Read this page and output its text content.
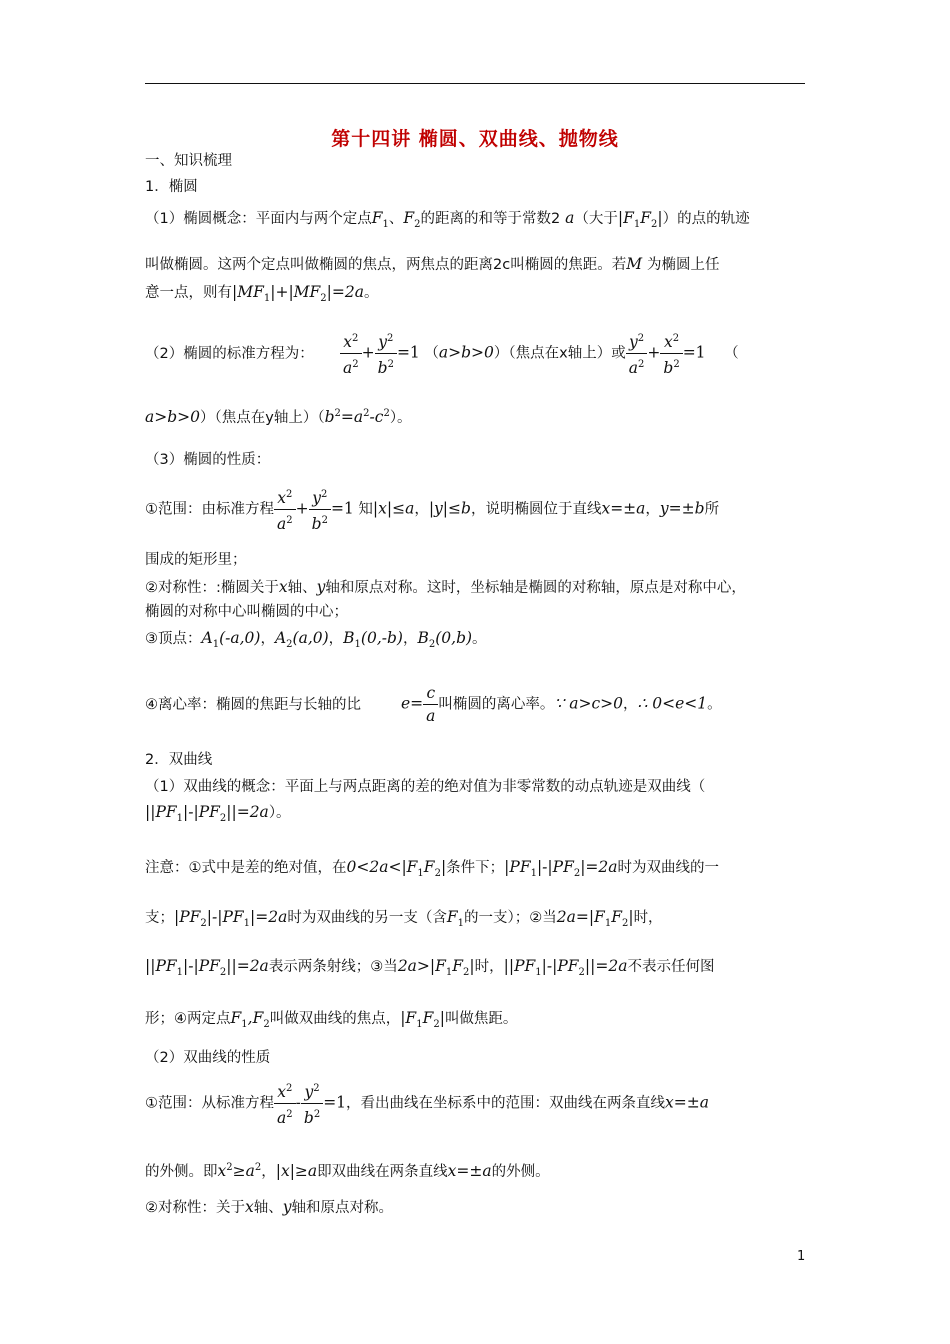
第十四讲 椭圆、双曲线、抛物线
一、知识梳理
1．椭圆
（1）椭圆概念：平面内与两个定点$F_1$、$F_2$的距离的和等于常数2 a（大于$|F_1F_2|$）的点的轨迹
叫做椭圆。这两个定点叫做椭圆的焦点，两焦点的距离2c叫椭圆的焦距。若M 为椭圆上任
意一点，则有$|MF_1|+|MF_2|=2a$。
（2）椭圆的标准方程为： $\frac{x^2}{a^2} + \frac{y^2}{b^2} =1$ （a>b>0）（焦点在x轴上）或 $\frac{y^2}{a^2} + \frac{x^2}{b^2} =1$ （
a>b>0）（焦点在y轴上）$(b^2=a^2-c^2)$。
（3）椭圆的性质：
①范围：由标准方程 $\frac{x^2}{a^2} + \frac{y^2}{b^2} =1$ 知|x|≤a，|y|≤b，说明椭圆位于直线x=±a，y=±b所
围成的矩形里；
②对称性：:椭圆关于x轴、y轴和原点对称。这时，坐标轴是椭圆的对称轴，原点是对称中心，
椭圆的对称中心叫椭圆的中心；
③顶点：$A_1(-a,0)$，$A_2(a,0)$，$B_1(0,-b)$，$B_2(0,b)$。
④离心率：椭圆的焦距与长轴的比	$e= \frac{c}{a}$ 叫椭圆的离心率。∵ a>c>0，∴ 0<e<1。
2．双曲线
（1）双曲线的概念：平面上与两点距离的差的绝对值为非零常数的动点轨迹是双曲线（
$||PF_1|-|PF_2||=2a$）。
注意：①式中是差的绝对值，在$0<2a<|F_1F_2|$条件下；$|PF_1|-|PF_2|=2a$时为双曲线的一
支；$|PF_2|-|PF_1|=2a$时为双曲线的另一支（含$F_1$的一支）；②当$2a=|F_1F_2|$时，
$||PF_1|-|PF_2||=2a$表示两条射线；③当$2a>|F_1F_2|$时，$||PF_1|-|PF_2||=2a$不表示任何图
形；④两定点$F_1,F_2$叫做双曲线的焦点，$|F_1F_2|$叫做焦距。
（2）双曲线的性质
①范围：从标准方程 $\frac{x^2}{a^2} - \frac{y^2}{b^2} =1$，看出曲线在坐标系中的范围：双曲线在两条直线x=±a
的外侧。即$x^2\ge a^2$，|x|≥a即双曲线在两条直线x=±a的外侧。
②对称性：关于x轴、y轴和原点对称。
1
